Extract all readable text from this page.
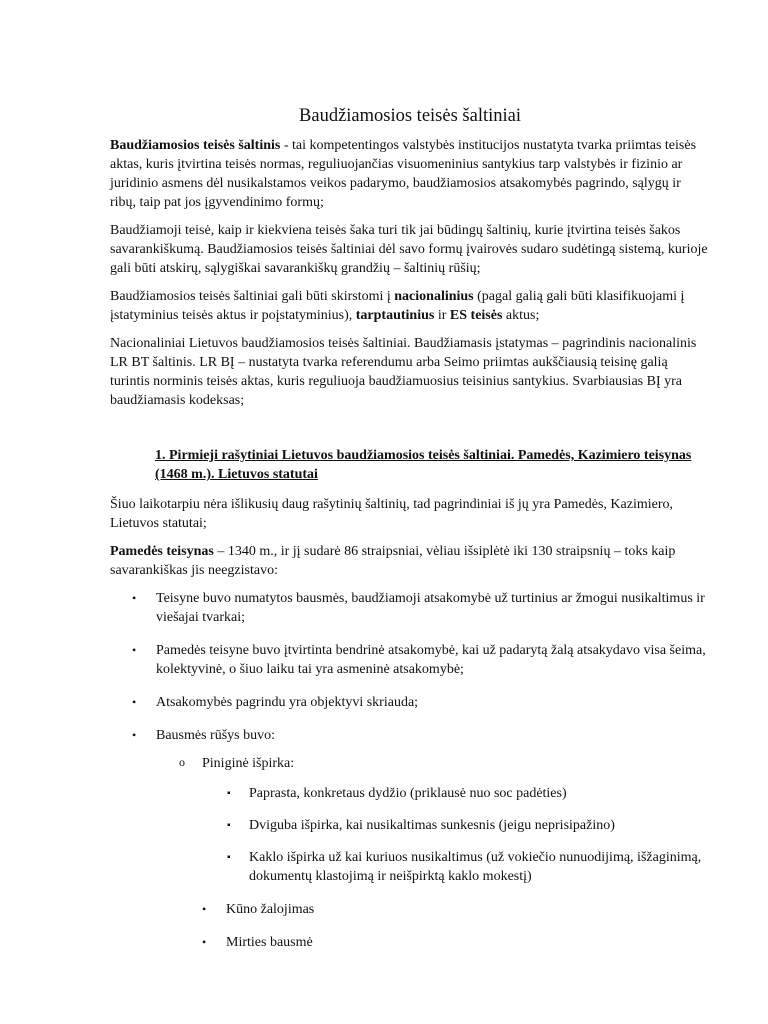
Baudžiamosios teisės šaltiniai

Baudžiamosios teisės šaltinis - tai kompetentingos valstybės institucijos nustatyta tvarka priimtas teisės aktas, kuris įtvirtina teisės normas, reguliuojančias visuomeninius santykius tarp valstybės ir fizinio ar juridinio asmens dėl nusikalstamos veikos padarymo, baudžiamosios atsakomybės pagrindo, sąlygų ir ribų, taip pat jos įgyvendinimo formų;

Baudžiamoji teisė, kaip ir kiekviena teisės šaka turi tik jai būdingų šaltinių, kurie įtvirtina teisės šakos savarankiškumą. Baudžiamosios teisės šaltiniai dėl savo formų įvairovės sudaro sudėtingą sistemą, kurioje gali būti atskirų, sąlygiškai savarankiškų grandžių – šaltinių rūšių;

Baudžiamosios teisės šaltiniai gali būti skirstomi į nacionalinius (pagal galią gali būti klasifikuojami į įstatyminius teisės aktus ir poįstatyminius), tarptautinius ir ES teisės aktus;

Nacionaliniai Lietuvos baudžiamosios teisės šaltiniai. Baudžiamasis įstatymas – pagrindinis nacionalinis LR BT šaltinis. LR BĮ – nustatyta tvarka referendumu arba Seimo priimtas aukščiausią teisinę galią turintis norminis teisės aktas, kuris reguliuoja baudžiamuosius teisinius santykius. Svarbiausias BĮ yra baudžiamasis kodeksas;

1. Pirmieji rašytiniai Lietuvos baudžiamosios teisės šaltiniai. Pamedės, Kazimiero teisynas (1468 m.). Lietuvos statutai

Šiuo laikotarpiu nėra išlikusių daug rašytinių šaltinių, tad pagrindiniai iš jų yra Pamedės, Kazimiero, Lietuvos statutai;

Pamedės teisynas – 1340 m., ir jį sudarė 86 straipsniai, vėliau išsiplėtė iki 130 straipsnių – toks kaip savarankiškas jis neegzistavo:

• Teisyne buvo numatytos bausmės, baudžiamoji atsakomybė už turtinius ar žmogui nusikaltimus ir viešajai tvarkai;
• Pamedės teisyne buvo įtvirtinta bendrinė atsakomybė, kai už padarytą žalą atsakydavo visa šeima, kolektyvinė, o šiuo laiku tai yra asmeninė atsakomybė;
• Atsakomybės pagrindu yra objektyvi skriauda;
• Bausmės rūšys buvo:
o Piniginė išpirka:
▪ Paprasta, konkretaus dydžio (priklausė nuo soc padėties)
▪ Dviguba išpirka, kai nusikaltimas sunkesnis (jeigu neprisipažino)
▪ Kaklo išpirka už kai kuriuos nusikaltimus (už vokiečio nunuodijimą, išžaginimą, dokumentų klastojimą ir neišpirktą kaklo mokestį)
• Kūno žalojimas
• Mirties bausmė
